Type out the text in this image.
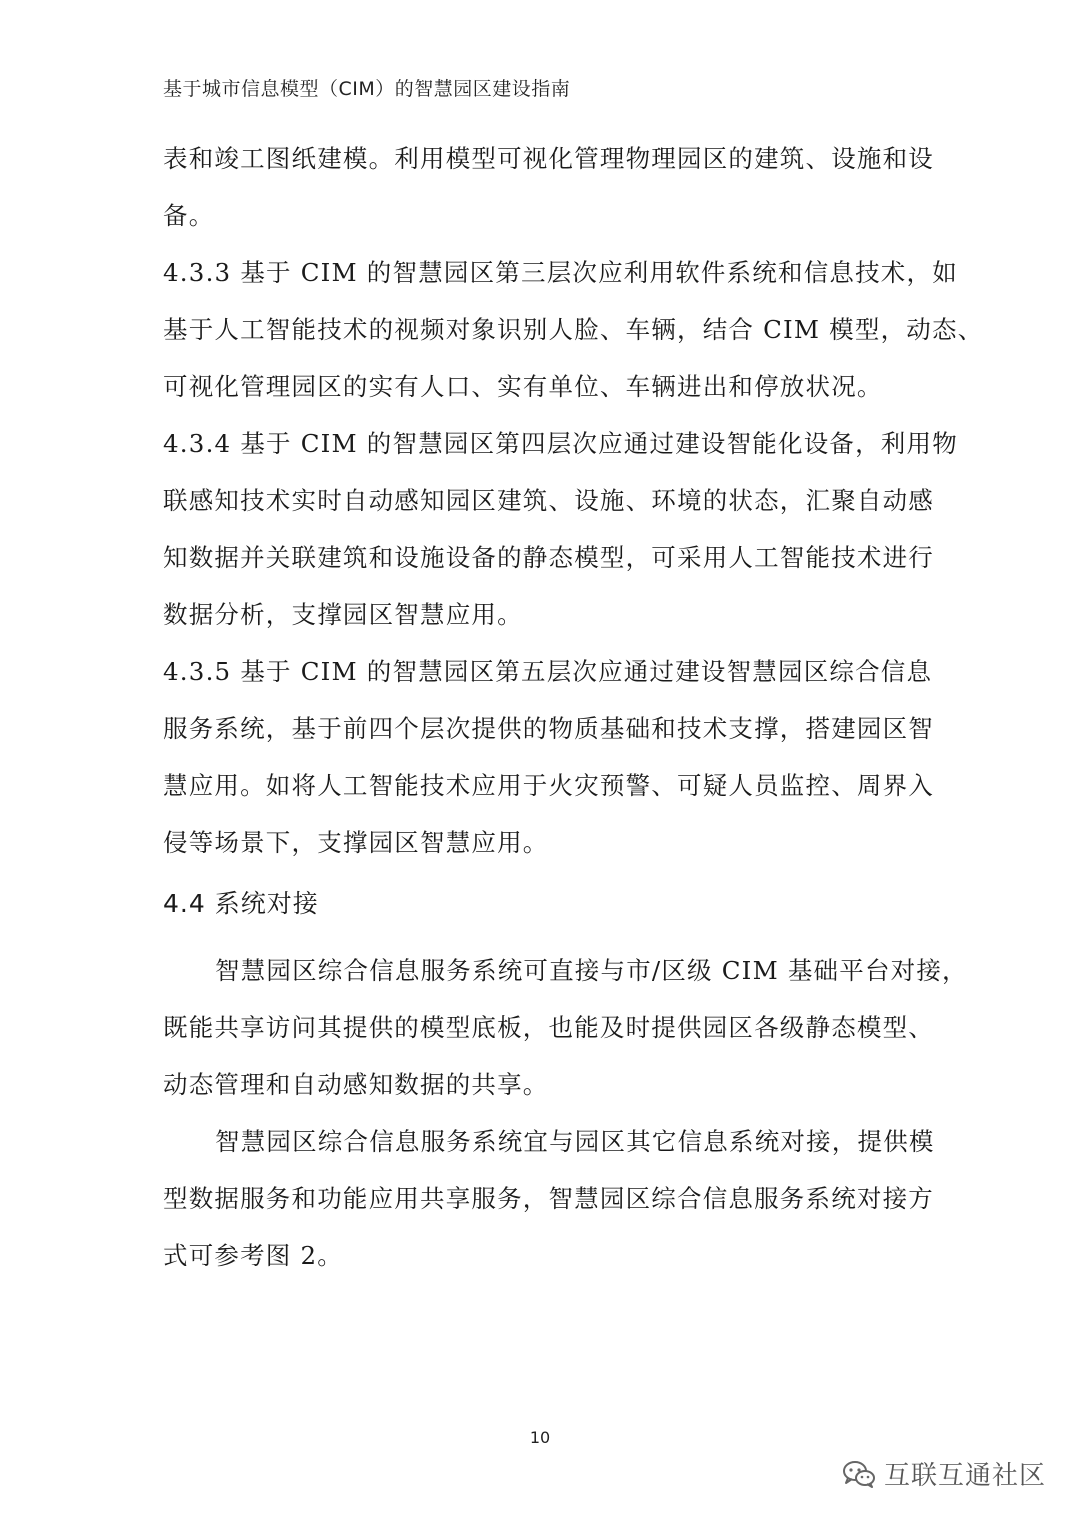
基于城市信息模型（CIM）的智慧园区建设指南
表和竣工图纸建模。利用模型可视化管理物理园区的建筑、设施和设
备。
4.3.3 基于 CIM 的智慧园区第三层次应利用软件系统和信息技术，如
基于人工智能技术的视频对象识别人脸、车辆，结合 CIM 模型，动态、
可视化管理园区的实有人口、实有单位、车辆进出和停放状况。
4.3.4 基于 CIM 的智慧园区第四层次应通过建设智能化设备，利用物
联感知技术实时自动感知园区建筑、设施、环境的状态，汇聚自动感
知数据并关联建筑和设施设备的静态模型，可采用人工智能技术进行
数据分析，支撑园区智慧应用。
4.3.5 基于 CIM 的智慧园区第五层次应通过建设智慧园区综合信息
服务系统，基于前四个层次提供的物质基础和技术支撑，搭建园区智
慧应用。如将人工智能技术应用于火灾预警、可疑人员监控、周界入
侵等场景下，支撑园区智慧应用。
4.4 系统对接
智慧园区综合信息服务系统可直接与市/区级 CIM 基础平台对接，
既能共享访问其提供的模型底板，也能及时提供园区各级静态模型、
动态管理和自动感知数据的共享。
智慧园区综合信息服务系统宜与园区其它信息系统对接，提供模
型数据服务和功能应用共享服务，智慧园区综合信息服务系统对接方
式可参考图 2。
10
互联互通社区
